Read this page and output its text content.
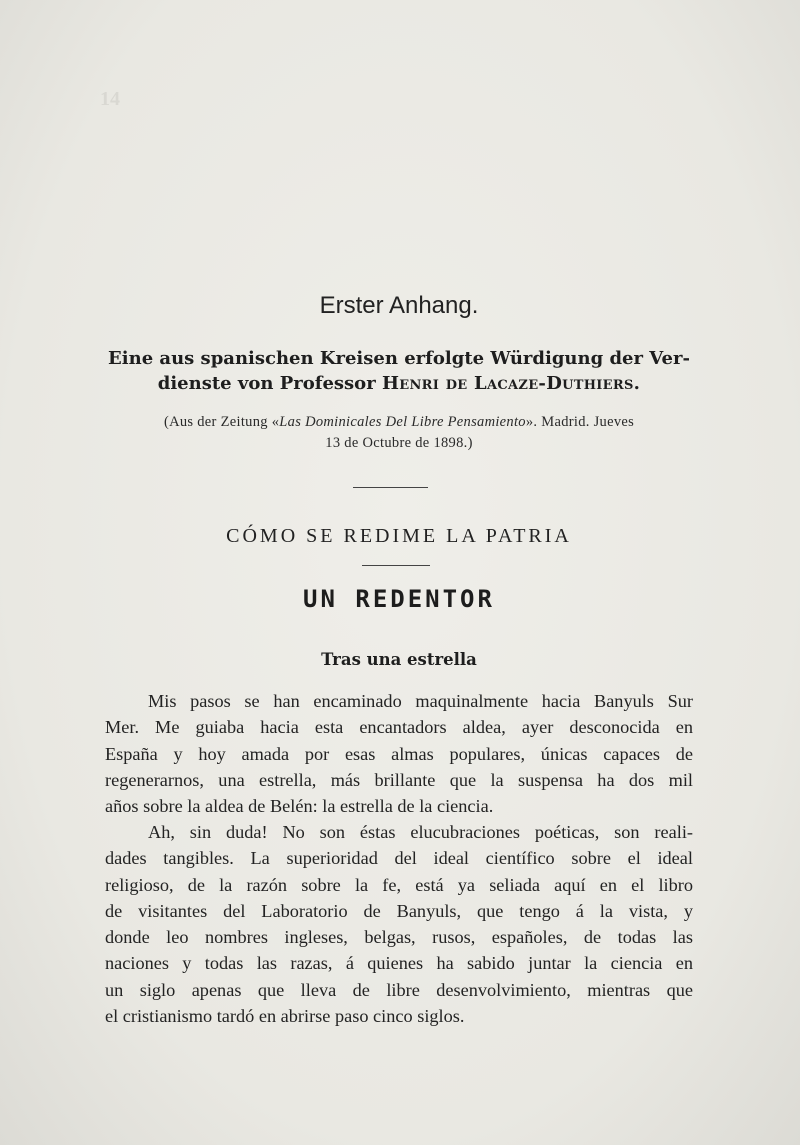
14

Erster Anhang.
Eine aus spanischen Kreisen erfolgte Würdigung der Ver-
dienste von Professor Henri de Lacaze-Duthiers.
(Aus der Zeitung «Las Dominicales Del Libre Pensamiento». Madrid. Jueves
13 de Octubre de 1898.)
CÓMO SE REDIME LA PATRIA
UN REDENTOR
Tras una estrella
Mis pasos se han encaminado maquinalmente hacia Banyuls Sur
Mer. Me guiaba hacia esta encantadors aldea, ayer desconocida en
España y hoy amada por esas almas populares, únicas capaces de
regenerarnos, una estrella, más brillante que la suspensa ha dos mil
años sobre la aldea de Belén: la estrella de la ciencia.
Ah, sin duda! No son éstas elucubraciones poéticas, son reali-
dades tangibles. La superioridad del ideal científico sobre el ideal
religioso, de la razón sobre la fe, está ya seliada aquí en el libro
de visitantes del Laboratorio de Banyuls, que tengo á la vista, y
donde leo nombres ingleses, belgas, rusos, españoles, de todas las
naciones y todas las razas, á quienes ha sabido juntar la ciencia en
un siglo apenas que lleva de libre desenvolvimiento, mientras que
el cristianismo tardó en abrirse paso cinco siglos.
